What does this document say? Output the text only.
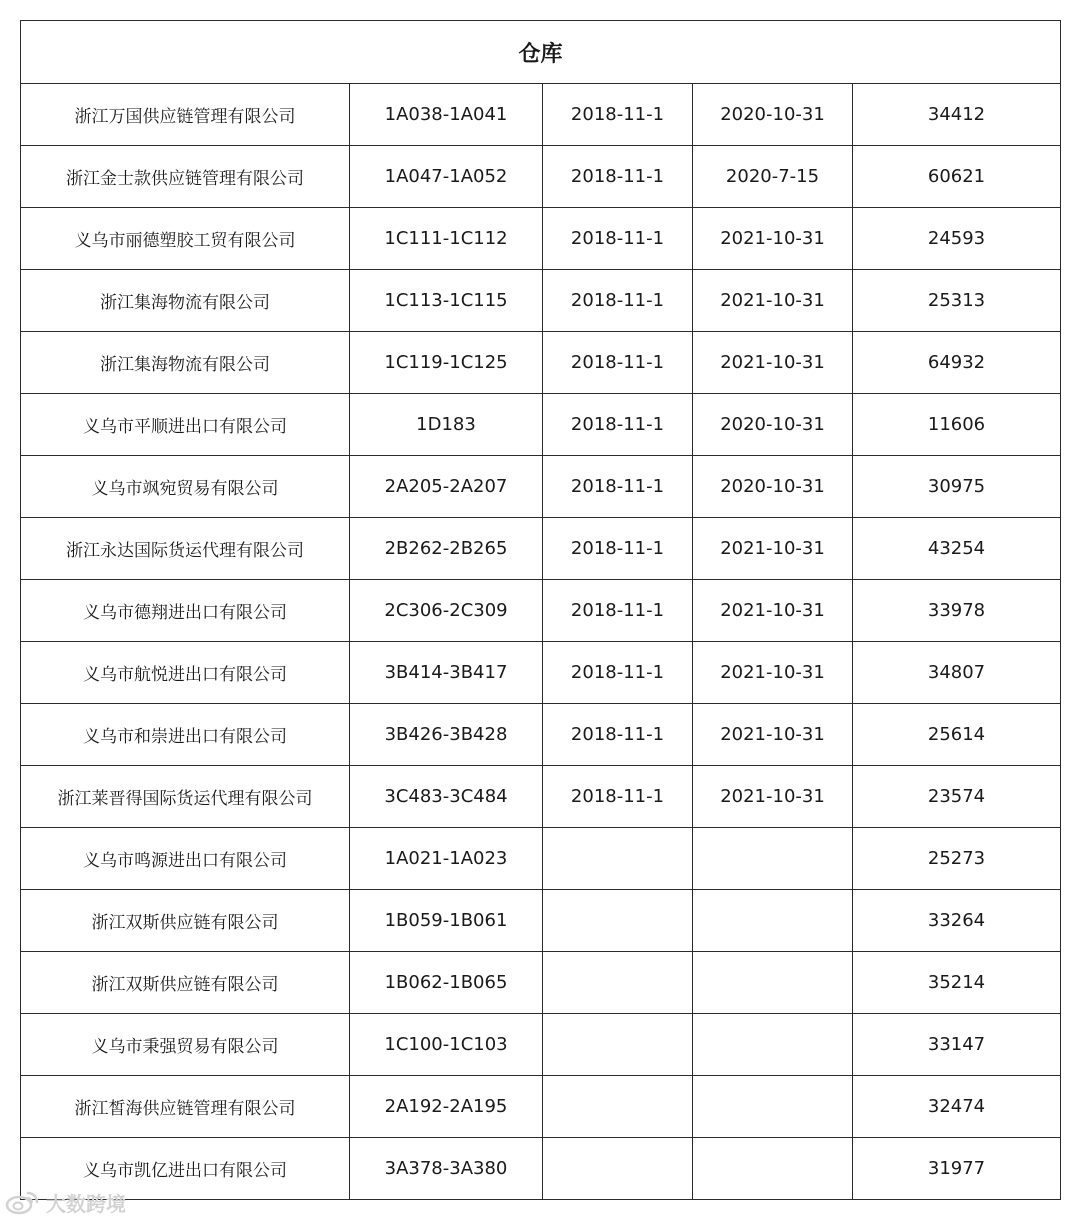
仓库				
浙江万国供应链管理有限公司	1A038-1A041	2018-11-1	2020-10-31	34412
浙江金士款供应链管理有限公司	1A047-1A052	2018-11-1	2020-7-15	60621
义乌市丽德塑胶工贸有限公司	1C111-1C112	2018-11-1	2021-10-31	24593
浙江集海物流有限公司	1C113-1C115	2018-11-1	2021-10-31	25313
浙江集海物流有限公司	1C119-1C125	2018-11-1	2021-10-31	64932
义乌市平顺进出口有限公司	1D183	2018-11-1	2020-10-31	11606
义乌市飒宛贸易有限公司	2A205-2A207	2018-11-1	2020-10-31	30975
浙江永达国际货运代理有限公司	2B262-2B265	2018-11-1	2021-10-31	43254
义乌市德翔进出口有限公司	2C306-2C309	2018-11-1	2021-10-31	33978
义乌市航悦进出口有限公司	3B414-3B417	2018-11-1	2021-10-31	34807
义乌市和崇进出口有限公司	3B426-3B428	2018-11-1	2021-10-31	25614
浙江莱晋得国际货运代理有限公司	3C483-3C484	2018-11-1	2021-10-31	23574
义乌市鸣源进出口有限公司	1A021-1A023			25273
浙江双斯供应链有限公司	1B059-1B061			33264
浙江双斯供应链有限公司	1B062-1B065			35214
义乌市秉强贸易有限公司	1C100-1C103			33147
浙江皙海供应链管理有限公司	2A192-2A195			32474
义乌市凯亿进出口有限公司	3A378-3A380			31977
大数跨境
